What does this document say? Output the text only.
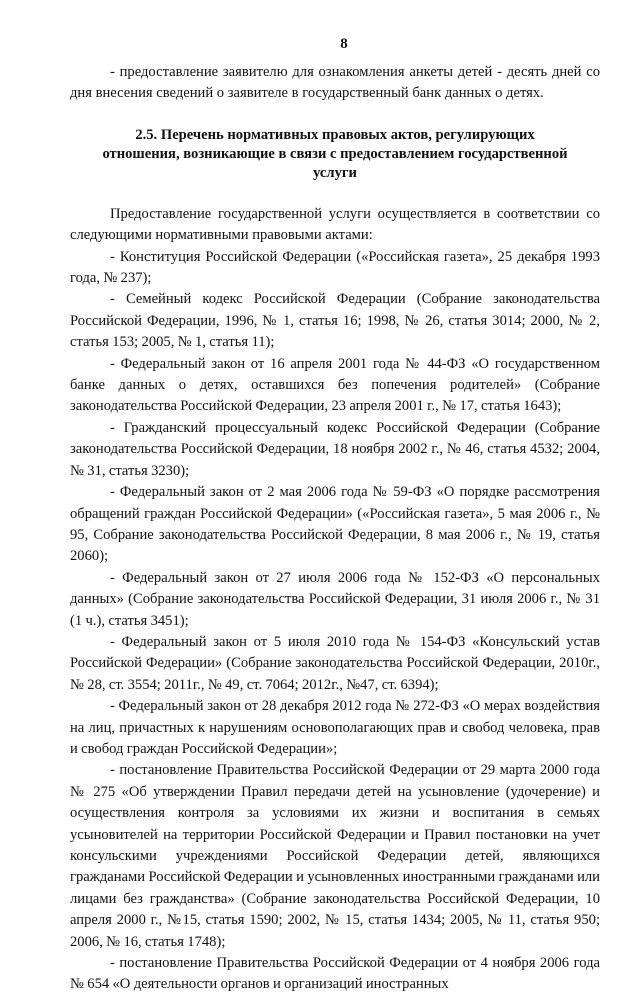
8

- предоставление заявителю для ознакомления анкеты детей - десять дней со дня внесения сведений о заявителе в государственный банк данных о детях.

2.5. Перечень нормативных правовых актов, регулирующих отношения, возникающие в связи с предоставлением государственной услуги

Предоставление государственной услуги осуществляется в соответствии со следующими нормативными правовыми актами:

- Конституция Российской Федерации («Российская газета», 25 декабря 1993 года, № 237);

- Семейный кодекс Российской Федерации (Собрание законодательства Российской Федерации, 1996, № 1, статья 16; 1998, № 26, статья 3014; 2000, № 2, статья 153; 2005, № 1, статья 11);

- Федеральный закон от 16 апреля 2001 года № 44-ФЗ «О государственном банке данных о детях, оставшихся без попечения родителей» (Собрание законодательства Российской Федерации, 23 апреля 2001 г., № 17, статья 1643);

- Гражданский процессуальный кодекс Российской Федерации (Собрание законодательства Российской Федерации, 18 ноября 2002 г., № 46, статья 4532; 2004, № 31, статья 3230);

- Федеральный закон от 2 мая 2006 года № 59-ФЗ «О порядке рассмотрения обращений граждан Российской Федерации» («Российская газета», 5 мая 2006 г., № 95, Собрание законодательства Российской Федерации, 8 мая 2006 г., № 19, статья 2060);

- Федеральный закон от 27 июля 2006 года № 152-ФЗ «О персональных данных» (Собрание законодательства Российской Федерации, 31 июля 2006 г., № 31 (1 ч.), статья 3451);

- Федеральный закон от 5 июля 2010 года № 154-ФЗ «Консульский устав Российской Федерации» (Собрание законодательства Российской Федерации, 2010г., № 28, ст. 3554; 2011г., № 49, ст. 7064; 2012г., №47, ст. 6394);

- Федеральный закон от 28 декабря 2012 года № 272-ФЗ «О мерах воздействия на лиц, причастных к нарушениям основополагающих прав и свобод человека, прав и свобод граждан Российской Федерации»;

- постановление Правительства Российской Федерации от 29 марта 2000 года № 275 «Об утверждении Правил передачи детей на усыновление (удочерение) и осуществления контроля за условиями их жизни и воспитания в семьях усыновителей на территории Российской Федерации и Правил постановки на учет консульскими учреждениями Российской Федерации детей, являющихся гражданами Российской Федерации и усыновленных иностранными гражданами или лицами без гражданства» (Собрание законодательства Российской Федерации, 10 апреля 2000 г., №15, статья 1590; 2002, № 15, статья 1434; 2005, № 11, статья 950; 2006, № 16, статья 1748);

- постановление Правительства Российской Федерации от 4 ноября 2006 года № 654 «О деятельности органов и организаций иностранных
